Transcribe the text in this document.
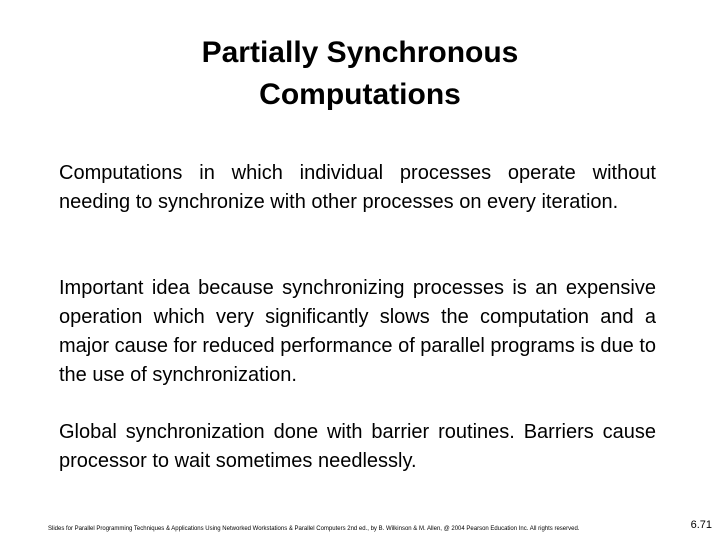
Partially Synchronous
Computations

Computations in which individual processes operate without needing to synchronize with other processes on every iteration.

Important idea because synchronizing processes is an expensive operation which very significantly slows the computation and a major cause for reduced performance of parallel programs is due to the use of synchronization.

Global synchronization done with barrier routines. Barriers cause processor to wait sometimes needlessly.

Slides for Parallel Programming Techniques & Applications Using Networked Workstations & Parallel Computers 2nd ed., by B. Wilkinson & M. Allen, @ 2004 Pearson Education Inc. All rights reserved.	6.71
